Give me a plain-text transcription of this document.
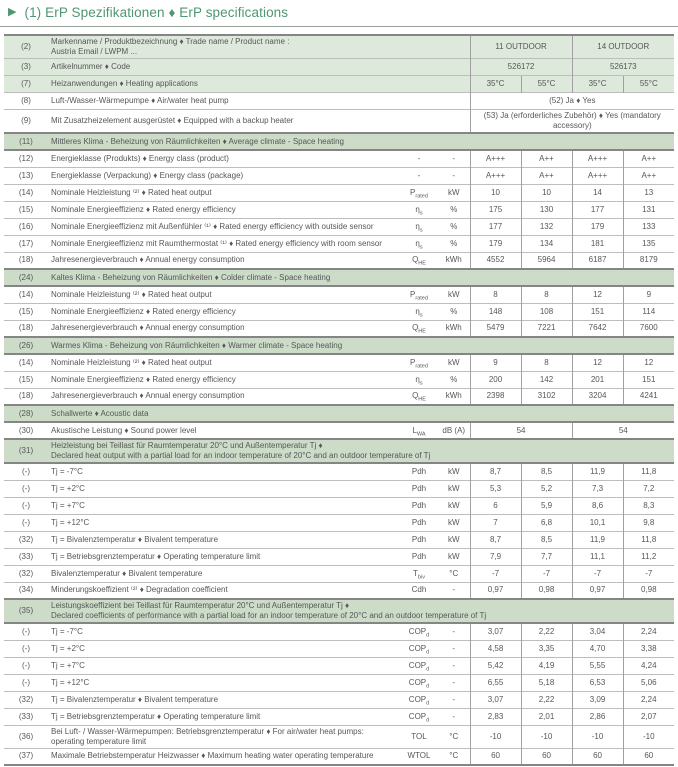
▶ (1) ErP Spezifikationen ♦ ErP specifications
(2)	Markenname / Produktbezeichnung ♦ Trade name / Product name :
Austria Email / LWPM ...			11 OUTDOOR		14 OUTDOOR	
(3)	Artikelnummer ♦ Code			526172		526173	
(7)	Heizanwendungen ♦ Heating applications			35°C	55°C	35°C	55°C
(8)	Luft-/Wasser-Wärmepumpe ♦ Air/water heat pump			(52) Ja ♦ Yes			
(9)	Mit Zusatzheizelement ausgerüstet ♦ Equipped with a backup heater			(53) Ja (erforderliches Zubehör) ♦ Yes (mandatory accessory)			
(11)	Mittleres Klima - Beheizung von Räumlichkeiten ♦ Average climate - Space heating						
(12)	Energieklasse (Produkts) ♦ Energy class (product)	-	-	A+++	A++	A+++	A++
(13)	Energieklasse (Verpackung) ♦ Energy class (package)	-	-	A+++	A++	A+++	A++
(14)	Nominale Heizleistung ⁽²⁾ ♦ Rated heat output	$P_{rated}$	kW	10	10	14	13
(15)	Nominale Energieeffizienz ♦ Rated energy efficiency	$\eta_s$	%	175	130	177	131
(16)	Nominale Energieeffizienz mit Außenfühler ⁽¹⁾ ♦ Rated energy efficiency with outside sensor	$\eta_s$	%	177	132	179	133
(17)	Nominale Energieeffizienz mit Raumthermostat ⁽¹⁾ ♦ Rated energy efficiency with room sensor	$\eta_s$	%	179	134	181	135
(18)	Jahresenergieverbrauch ♦ Annual energy consumption	$Q_{HE}$	kWh	4552	5964	6187	8179
(24)	Kaltes Klima - Beheizung von Räumlichkeiten ♦ Colder climate - Space heating						
(14)	Nominale Heizleistung ⁽²⁾ ♦ Rated heat output	$P_{rated}$	kW	8	8	12	9
(15)	Nominale Energieeffizienz ♦ Rated energy efficiency	$\eta_s$	%	148	108	151	114
(18)	Jahresenergieverbrauch ♦ Annual energy consumption	$Q_{HE}$	kWh	5479	7221	7642	7600
(26)	Warmes Klima - Beheizung von Räumlichkeiten ♦ Warmer climate - Space heating						
(14)	Nominale Heizleistung ⁽²⁾ ♦ Rated heat output	$P_{rated}$	kW	9	8	12	12
(15)	Nominale Energieeffizienz ♦ Rated energy efficiency	$\eta_s$	%	200	142	201	151
(18)	Jahresenergieverbrauch ♦ Annual energy consumption	$Q_{HE}$	kWh	2398	3102	3204	4241
(28)	Schallwerte ♦ Acoustic data						
(30)	Akustische Leistung ♦ Sound power level	$L_{WA}$	dB (A)	54		54	
(31)	Heizleistung bei Teillast für Raumtemperatur 20°C und Außentemperatur Tj ♦
Declared heat output with a partial load for an indoor temperature of 20°C and an outdoor temperature of Tj						

(-)	Tj = -7°C	Pdh	kW	8,7	8,5	11,9	11,8
(-)	Tj = +2°C	Pdh	kW	5,3	5,2	7,3	7,2
(-)	Tj = +7°C	Pdh	kW	6	5,9	8,6	8,3
(-)	Tj = +12°C	Pdh	kW	7	6,8	10,1	9,8
(32)	Tj = Bivalenztemperatur ♦ Bivalent temperature	Pdh	kW	8,7	8,5	11,9	11,8
(33)	Tj = Betriebsgrenztemperatur ♦ Operating temperature limit	Pdh	kW	7,9	7,7	11,1	11,2
(32)	Bivalenztemperatur ♦ Bivalent temperature	$T_{biv}$	°C	-7	-7	-7	-7
(34)	Minderungskoeffizient ⁽²⁾ ♦ Degradation coefficient	Cdh	-	0,97	0,98	0,97	0,98
(35)	Leistungskoeffizient bei Teillast für Raumtemperatur 20°C und Außentemperatur Tj ♦
Declared coefficients of performance with a partial load for an indoor temperature of 20°C and an outdoor temperature of Tj						

(-)	Tj = -7°C	$COP_d$	-	3,07	2,22	3,04	2,24
(-)	Tj = +2°C	$COP_d$	-	4,58	3,35	4,70	3,38
(-)	Tj = +7°C	$COP_d$	-	5,42	4,19	5,55	4,24
(-)	Tj = +12°C	$COP_d$	-	6,55	5,18	6,53	5,06
(32)	Tj = Bivalenztemperatur ♦ Bivalent temperature	$COP_d$	-	3,07	2,22	3,09	2,24
(33)	Tj = Betriebsgrenztemperatur ♦ Operating temperature limit	$COP_d$	-	2,83	2,01	2,86	2,07
(36)	Bei Luft- / Wasser-Wärmepumpen: Betriebsgrenztemperatur ♦ For air/water heat pumps: operating temperature limit	TOL	°C	-10	-10	-10	-10
(37)	Maximale Betriebstemperatur Heizwasser ♦ Maximum heating water operating temperature	WTOL	°C	60	60	60	60
